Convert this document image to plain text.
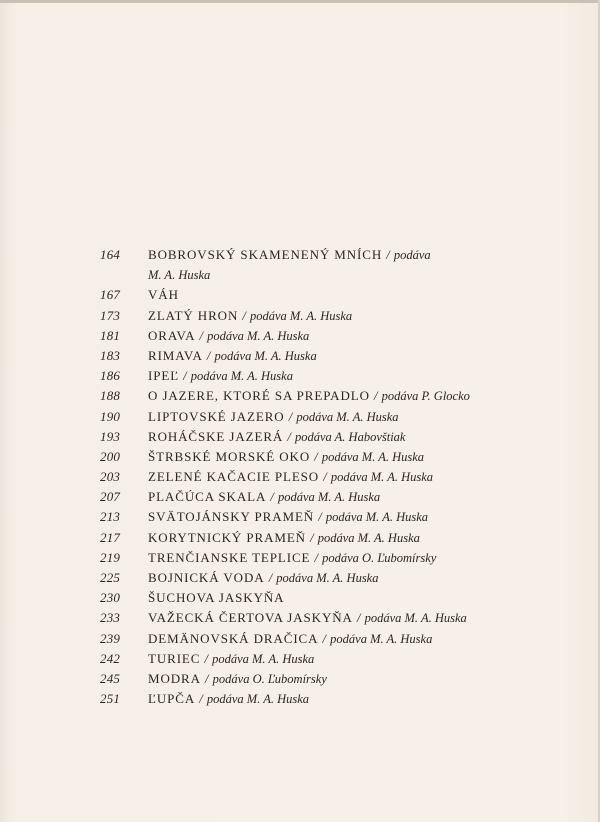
164	BOBROVSKÝ SKAMENENÝ MNÍCH / podáva
M. A. Huska
167	VÁH
173	ZLATÝ HRON / podáva M. A. Huska
181	ORAVA / podáva M. A. Huska
183	RIMAVA / podáva M. A. Huska
186	IPEĽ / podáva M. A. Huska
188	O JAZERE, KTORÉ SA PREPADLO / podáva P. Glocko
190	LIPTOVSKÉ JAZERO / podáva M. A. Huska
193	ROHÁČSKE JAZERÁ / podáva A. Habovštiak
200	ŠTRBSKÉ MORSKÉ OKO / podáva M. A. Huska
203	ZELENÉ KAČACIE PLESO / podáva M. A. Huska
207	PLAČÚCA SKALA / podáva M. A. Huska
213	SVÄTOJÁNSKY PRAMEŇ / podáva M. A. Huska
217	KORYTNICKÝ PRAMEŇ / podáva M. A. Huska
219	TRENČIANSKE TEPLICE / podáva O. Ľubomírsky
225	BOJNICKÁ VODA / podáva M. A. Huska
230	ŠUCHOVA JASKYŇA
233	VAŽECKÁ ČERTOVA JASKYŇA / podáva M. A. Huska
239	DEMÄNOVSKÁ DRAČICA / podáva M. A. Huska
242	TURIEC / podáva M. A. Huska
245	MODRA / podáva O. Ľubomírsky
251	ĽUPČA / podáva M. A. Huska
